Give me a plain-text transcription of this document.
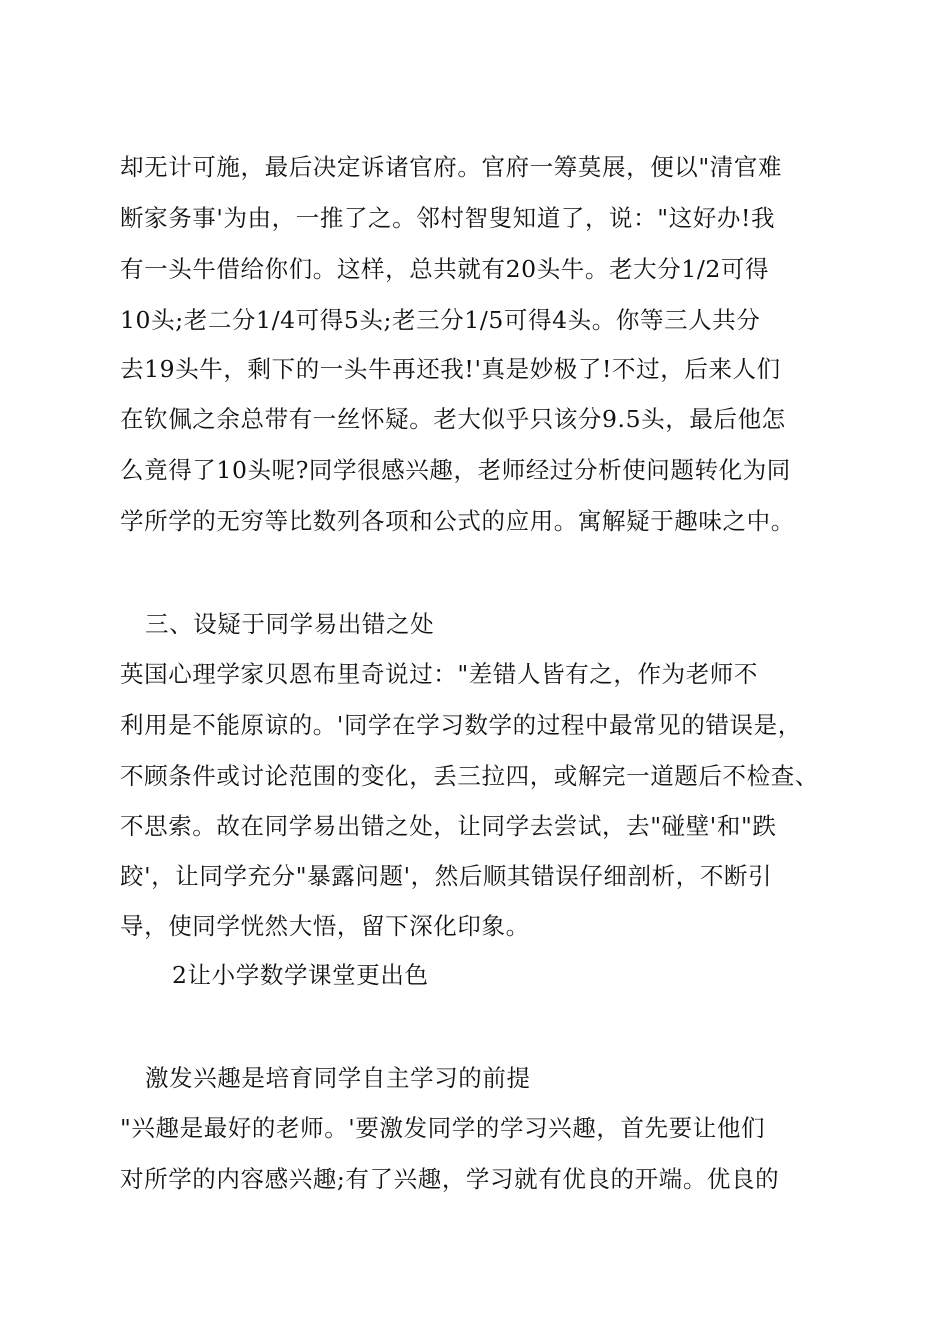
却无计可施，最后决定诉诸官府。官府一筹莫展，便以"清官难
断家务事'为由，一推了之。邻村智叟知道了，说："这好办!我
有一头牛借给你们。这样，总共就有20头牛。老大分1/2可得
10头;老二分1/4可得5头;老三分1/5可得4头。你等三人共分
去19头牛，剩下的一头牛再还我!'真是妙极了!不过，后来人们
在钦佩之余总带有一丝怀疑。老大似乎只该分9.5头，最后他怎
么竟得了10头呢?同学很感兴趣，老师经过分析使问题转化为同
学所学的无穷等比数列各项和公式的应用。寓解疑于趣味之中。
三、设疑于同学易出错之处
英国心理学家贝恩布里奇说过："差错人皆有之，作为老师不
利用是不能原谅的。'同学在学习数学的过程中最常见的错误是，
不顾条件或讨论范围的变化，丢三拉四，或解完一道题后不检查、
不思索。故在同学易出错之处，让同学去尝试，去"碰壁'和"跌
跤'，让同学充分"暴露问题'，然后顺其错误仔细剖析，不断引
导，使同学恍然大悟，留下深化印象。
2让小学数学课堂更出色
激发兴趣是培育同学自主学习的前提
"兴趣是最好的老师。'要激发同学的学习兴趣，首先要让他们
对所学的内容感兴趣;有了兴趣，学习就有优良的开端。优良的
